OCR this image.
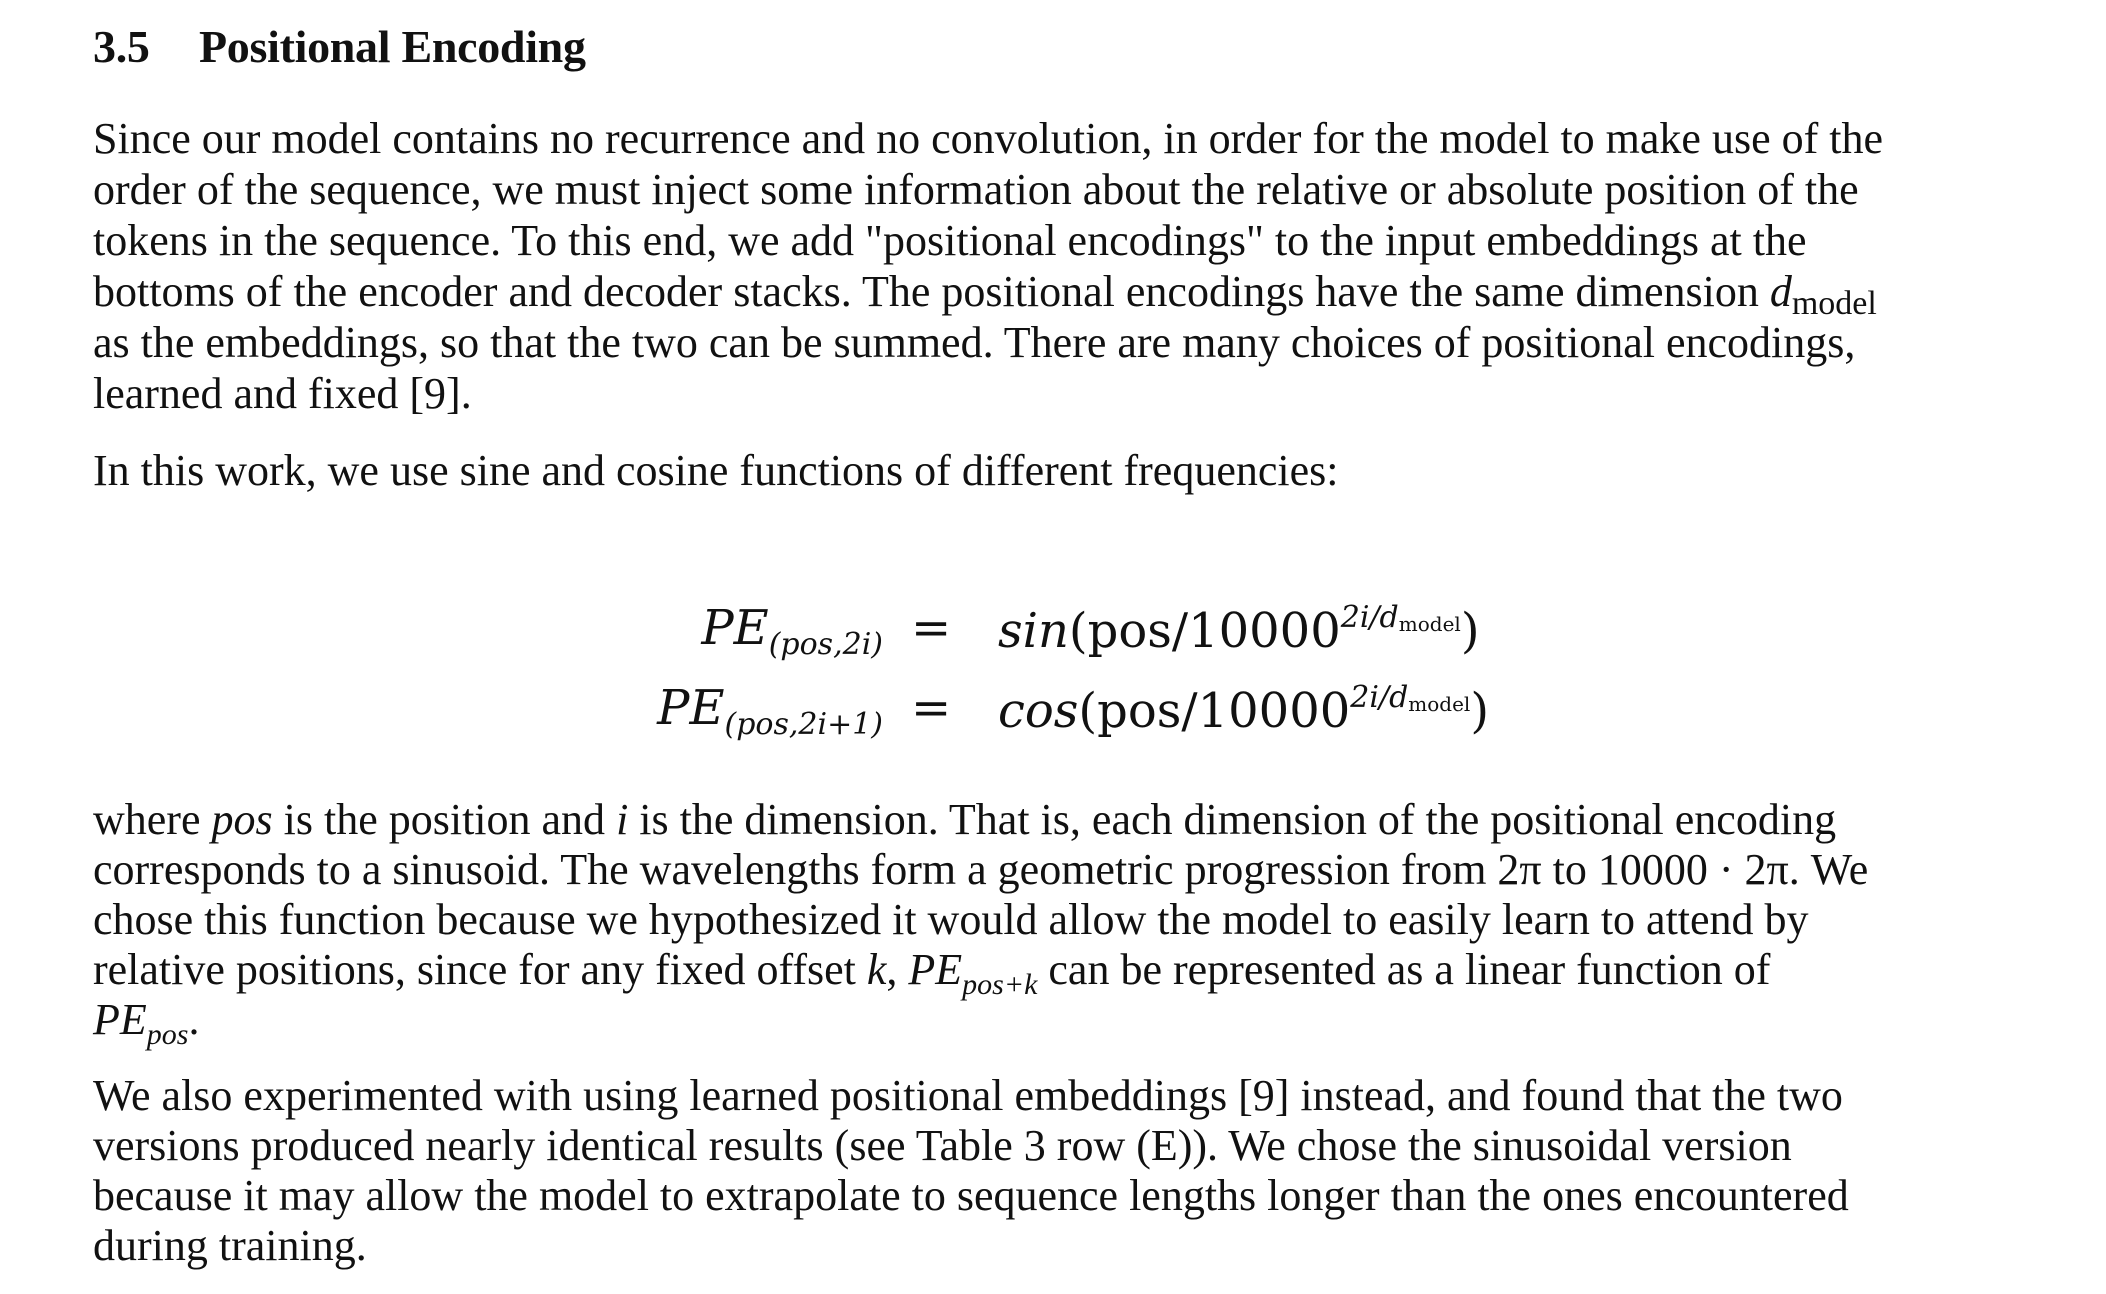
3.5 Positional Encoding
Since our model contains no recurrence and no convolution, in order for the model to make use of the
order of the sequence, we must inject some information about the relative or absolute position of the
tokens in the sequence. To this end, we add "positional encodings" to the input embeddings at the
bottoms of the encoder and decoder stacks. The positional encodings have the same dimension dmodel
as the embeddings, so that the two can be summed. There are many choices of positional encodings,
learned and fixed [9].
In this work, we use sine and cosine functions of different frequencies:
$PE_{(pos,2i)} = \sin(pos/10000^{2i/dmodel})$
$PE_{(pos,2i+1)} = \cos(pos/10000^{2i/dmodel})$
where pos is the position and i is the dimension. That is, each dimension of the positional encoding
corresponds to a sinusoid. The wavelengths form a geometric progression from 2π to 10000 · 2π. We
chose this function because we hypothesized it would allow the model to easily learn to attend by
relative positions, since for any fixed offset k, $PE_{pos+k}$ can be represented as a linear function of
$PE_{pos}$.
We also experimented with using learned positional embeddings [9] instead, and found that the two
versions produced nearly identical results (see Table 3 row (E)). We chose the sinusoidal version
because it may allow the model to extrapolate to sequence lengths longer than the ones encountered
during training.
